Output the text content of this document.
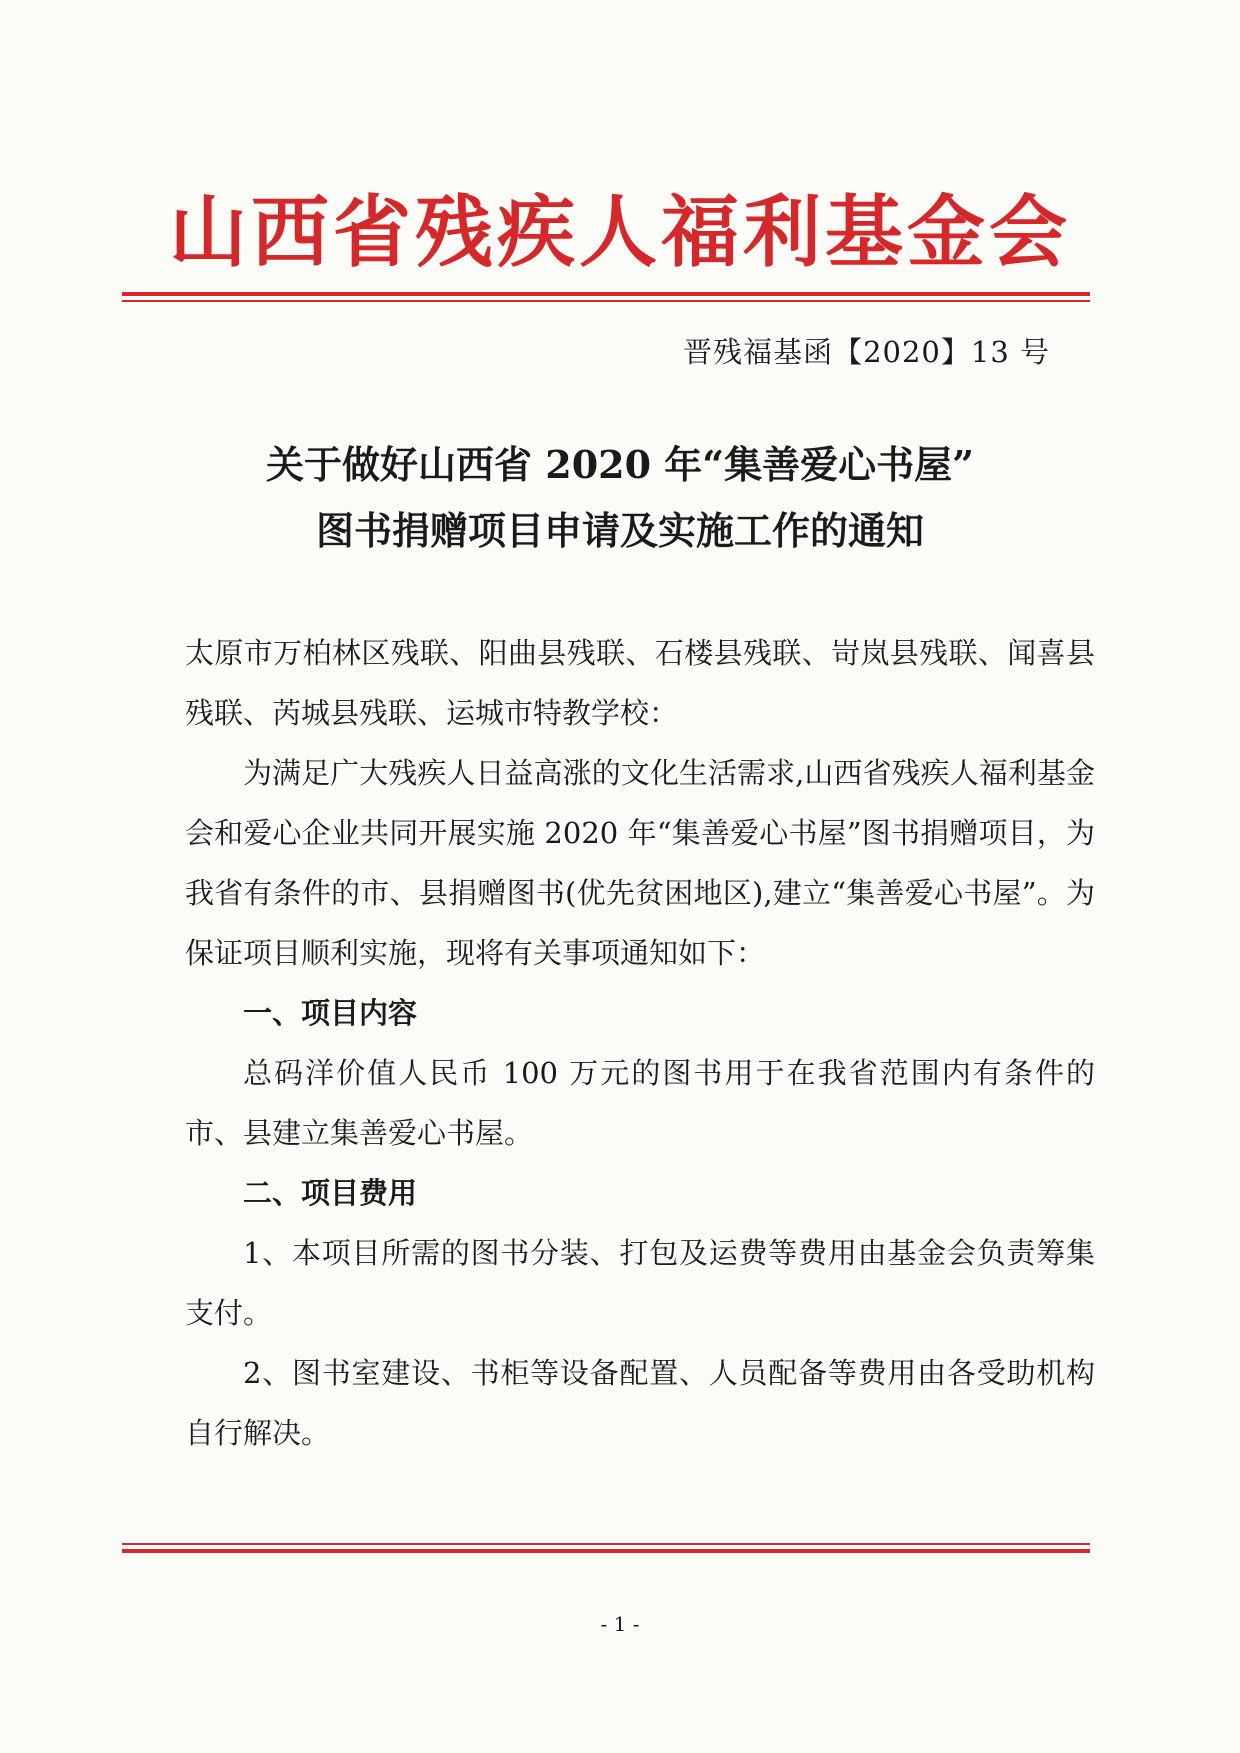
山西省残疾人福利基金会
晋残福基函【2020】13 号
关于做好山西省 2020 年“集善爱心书屋”
图书捐赠项目申请及实施工作的通知

太原市万柏林区残联、阳曲县残联、石楼县残联、岢岚县残联、闻喜县残联、芮城县残联、运城市特教学校：

为满足广大残疾人日益高涨的文化生活需求,山西省残疾人福利基金会和爱心企业共同开展实施 2020 年“集善爱心书屋”图书捐赠项目，为我省有条件的市、县捐赠图书(优先贫困地区),建立“集善爱心书屋”。为保证项目顺利实施，现将有关事项通知如下：

一、项目内容

总码洋价值人民币 100 万元的图书用于在我省范围内有条件的市、县建立集善爱心书屋。

二、项目费用

1、本项目所需的图书分装、打包及运费等费用由基金会负责筹集支付。

2、图书室建设、书柜等设备配置、人员配备等费用由各受助机构自行解决。

- 1 -
